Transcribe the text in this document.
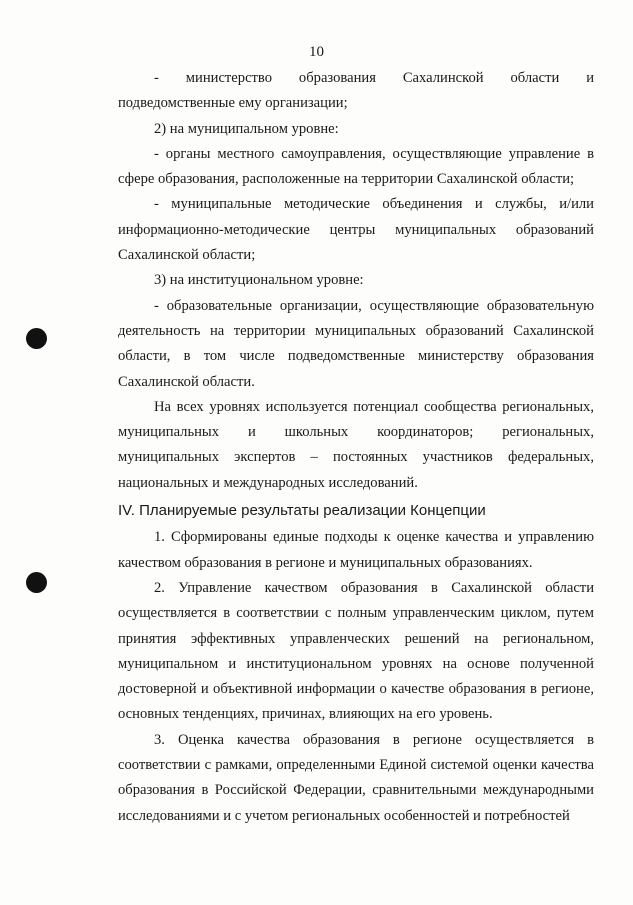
10

- министерство образования Сахалинской области и подведомственные ему организации;

2) на муниципальном уровне:

- органы местного самоуправления, осуществляющие управление в сфере образования, расположенные на территории Сахалинской области;

- муниципальные методические объединения и службы, и/или информационно-методические центры муниципальных образований Сахалинской области;

3) на институциональном уровне:

- образовательные организации, осуществляющие образовательную деятельность на территории муниципальных образований Сахалинской области, в том числе подведомственные министерству образования Сахалинской области.

На всех уровнях используется потенциал сообщества региональных, муниципальных и школьных координаторов; региональных, муниципальных экспертов – постоянных участников федеральных, национальных и международных исследований.

IV. Планируемые результаты реализации Концепции

1. Сформированы единые подходы к оценке качества и управлению качеством образования в регионе и муниципальных образованиях.

2. Управление качеством образования в Сахалинской области осуществляется в соответствии с полным управленческим циклом, путем принятия эффективных управленческих решений на региональном, муниципальном и институциональном уровнях на основе полученной достоверной и объективной информации о качестве образования в регионе, основных тенденциях, причинах, влияющих на его уровень.

3. Оценка качества образования в регионе осуществляется в соответствии с рамками, определенными Единой системой оценки качества образования в Российской Федерации, сравнительными международными исследованиями и с учетом региональных особенностей и потребностей
